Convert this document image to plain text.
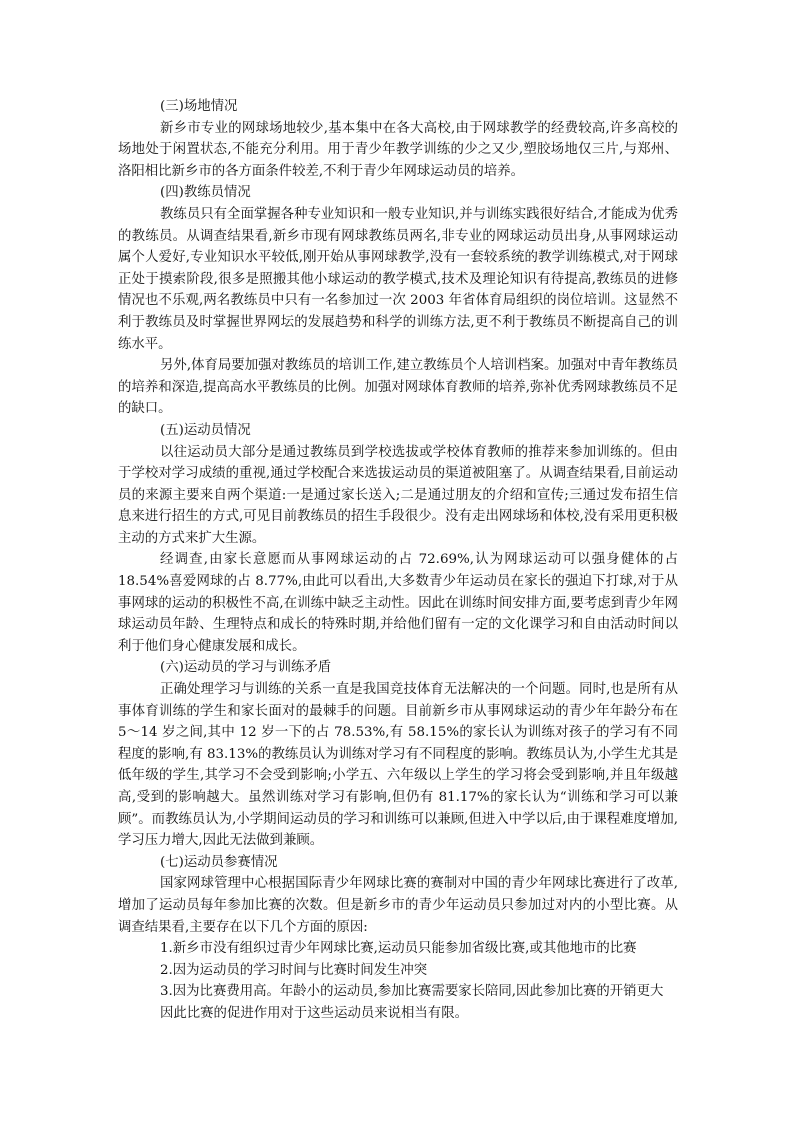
(三)场地情况

新乡市专业的网球场地较少,基本集中在各大高校,由于网球教学的经费较高,许多高校的场地处于闲置状态,不能充分利用。用于青少年教学训练的少之又少,塑胶场地仅三片,与郑州、洛阳相比新乡市的各方面条件较差,不利于青少年网球运动员的培养。

(四)教练员情况

教练员只有全面掌握各种专业知识和一般专业知识,并与训练实践很好结合,才能成为优秀的教练员。从调查结果看,新乡市现有网球教练员两名,非专业的网球运动员出身,从事网球运动属个人爱好,专业知识水平较低,刚开始从事网球教学,没有一套较系统的教学训练模式,对于网球正处于摸索阶段,很多是照搬其他小球运动的教学模式,技术及理论知识有待提高,教练员的进修情况也不乐观,两名教练员中只有一名参加过一次 2003 年省体育局组织的岗位培训。这显然不利于教练员及时掌握世界网坛的发展趋势和科学的训练方法,更不利于教练员不断提高自己的训练水平。

另外,体育局要加强对教练员的培训工作,建立教练员个人培训档案。加强对中青年教练员的培养和深造,提高高水平教练员的比例。加强对网球体育教师的培养,弥补优秀网球教练员不足的缺口。

(五)运动员情况

以往运动员大部分是通过教练员到学校选拔或学校体育教师的推荐来参加训练的。但由于学校对学习成绩的重视,通过学校配合来选拔运动员的渠道被阻塞了。从调查结果看,目前运动员的来源主要来自两个渠道:一是通过家长送入;二是通过朋友的介绍和宣传;三通过发布招生信息来进行招生的方式,可见目前教练员的招生手段很少。没有走出网球场和体校,没有采用更积极主动的方式来扩大生源。

经调查,由家长意愿而从事网球运动的占 72.69%,认为网球运动可以强身健体的占 18.54%喜爱网球的占 8.77%,由此可以看出,大多数青少年运动员在家长的强迫下打球,对于从事网球的运动的积极性不高,在训练中缺乏主动性。因此在训练时间安排方面,要考虑到青少年网球运动员年龄、生理特点和成长的特殊时期,并给他们留有一定的文化课学习和自由活动时间以利于他们身心健康发展和成长。

(六)运动员的学习与训练矛盾

正确处理学习与训练的关系一直是我国竞技体育无法解决的一个问题。同时,也是所有从事体育训练的学生和家长面对的最棘手的问题。目前新乡市从事网球运动的青少年年龄分布在 5～14 岁之间,其中 12 岁一下的占 78.53%,有 58.15%的家长认为训练对孩子的学习有不同程度的影响,有 83.13%的教练员认为训练对学习有不同程度的影响。教练员认为,小学生尤其是低年级的学生,其学习不会受到影响;小学五、六年级以上学生的学习将会受到影响,并且年级越高,受到的影响越大。虽然训练对学习有影响,但仍有 81.17%的家长认为“训练和学习可以兼顾”。而教练员认为,小学期间运动员的学习和训练可以兼顾,但进入中学以后,由于课程难度增加,学习压力增大,因此无法做到兼顾。

(七)运动员参赛情况

国家网球管理中心根据国际青少年网球比赛的赛制对中国的青少年网球比赛进行了改革,增加了运动员每年参加比赛的次数。但是新乡市的青少年运动员只参加过对内的小型比赛。从调查结果看,主要存在以下几个方面的原因:

1.新乡市没有组织过青少年网球比赛,运动员只能参加省级比赛,或其他地市的比赛

2.因为运动员的学习时间与比赛时间发生冲突

3.因为比赛费用高。年龄小的运动员,参加比赛需要家长陪同,因此参加比赛的开销更大

因此比赛的促进作用对于这些运动员来说相当有限。
